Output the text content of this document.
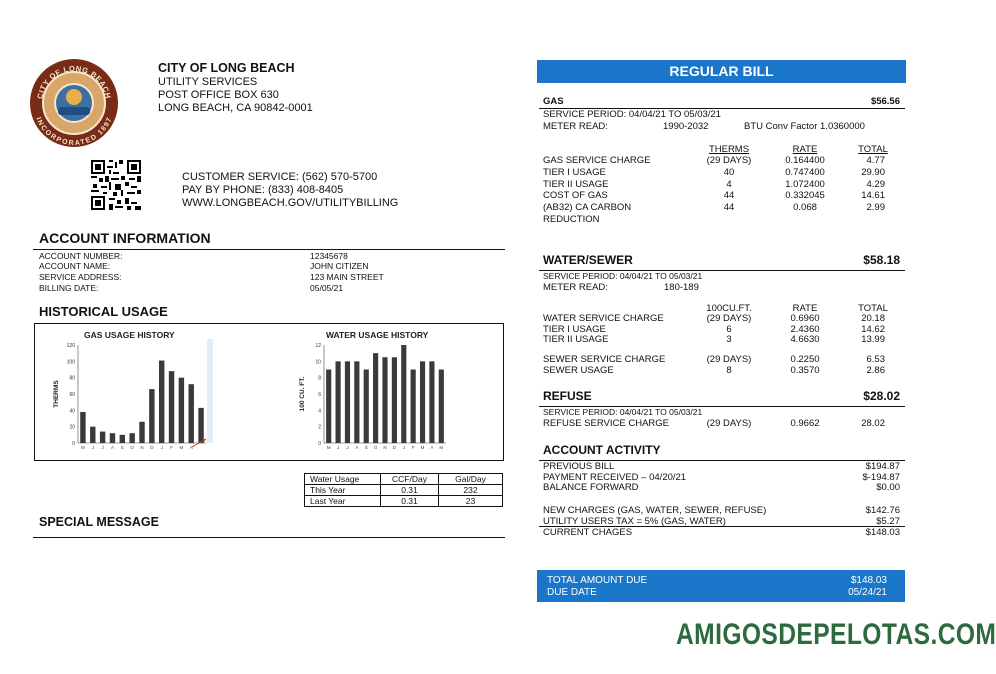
CITY OF LONG BEACH
INCORPORATED 1897
CITY OF LONG BEACH
UTILITY SERVICES
POST OFFICE BOX 630
LONG BEACH, CA 90842-0001
CUSTOMER SERVICE: (562) 570-5700
PAY BY PHONE: (833) 408-8405
WWW.LONGBEACH.GOV/UTILITYBILLING
ACCOUNT INFORMATION
ACCOUNT NUMBER:	12345678
ACCOUNT NAME:	JOHN CITIZEN
SERVICE ADDRESS:	123 MAIN STREET
BILLING DATE:	05/05/21
HISTORICAL USAGE
GAS USAGE HISTORY
120
100
80
60
40
20
0
THERMS
M J J A S O N D J F M A
WATER USAGE HISTORY
12
10
8
6
4
2
0
100 CU. FT.
M J J A S O N D J F M A M
Water Usage	CCF/Day	Gal/Day
This Year	0.31	232
Last Year	0.31	23
SPECIAL MESSAGE
REGULAR BILL
GAS	$56.56
SERVICE PERIOD: 04/04/21 TO 05/03/21
METER READ:	1990-2032	BTU Conv Factor 1.0360000
THERMS	RATE	TOTAL
GAS SERVICE CHARGE	(29 DAYS)	0.164400	4.77
TIER I USAGE	40	0.747400	29.90
TIER II USAGE	4	1.072400	4.29
COST OF GAS	44	0.332045	14.61
(AB32) CA CARBON	44	0.068	2.99
REDUCTION
WATER/SEWER	$58.18
SERVICE PERIOD: 04/04/21 TO 05/03/21
METER READ:	180-189
100CU.FT.	RATE	TOTAL
WATER SERVICE CHARGE	(29 DAYS)	0.6960	20.18
TIER I USAGE	6	2.4360	14.62
TIER II USAGE	3	4.6630	13.99
SEWER SERVICE CHARGE	(29 DAYS)	0.2250	6.53
SEWER USAGE	8	0.3570	2.86
REFUSE	$28.02
SERVICE PERIOD: 04/04/21 TO 05/03/21
REFUSE SERVICE CHARGE	(29 DAYS)	0.9662	28.02
ACCOUNT ACTIVITY
PREVIOUS BILL	$194.87
PAYMENT RECEIVED – 04/20/21	$-194.87
BALANCE FORWARD	$0.00
NEW CHARGES (GAS, WATER, SEWER, REFUSE)	$142.76
UTILITY USERS TAX = 5% (GAS, WATER)	$5.27
CURRENT CHAGES	$148.03
TOTAL AMOUNT DUE	$148.03
DUE DATE	05/24/21
AMIGOSDEPELOTAS.COM
